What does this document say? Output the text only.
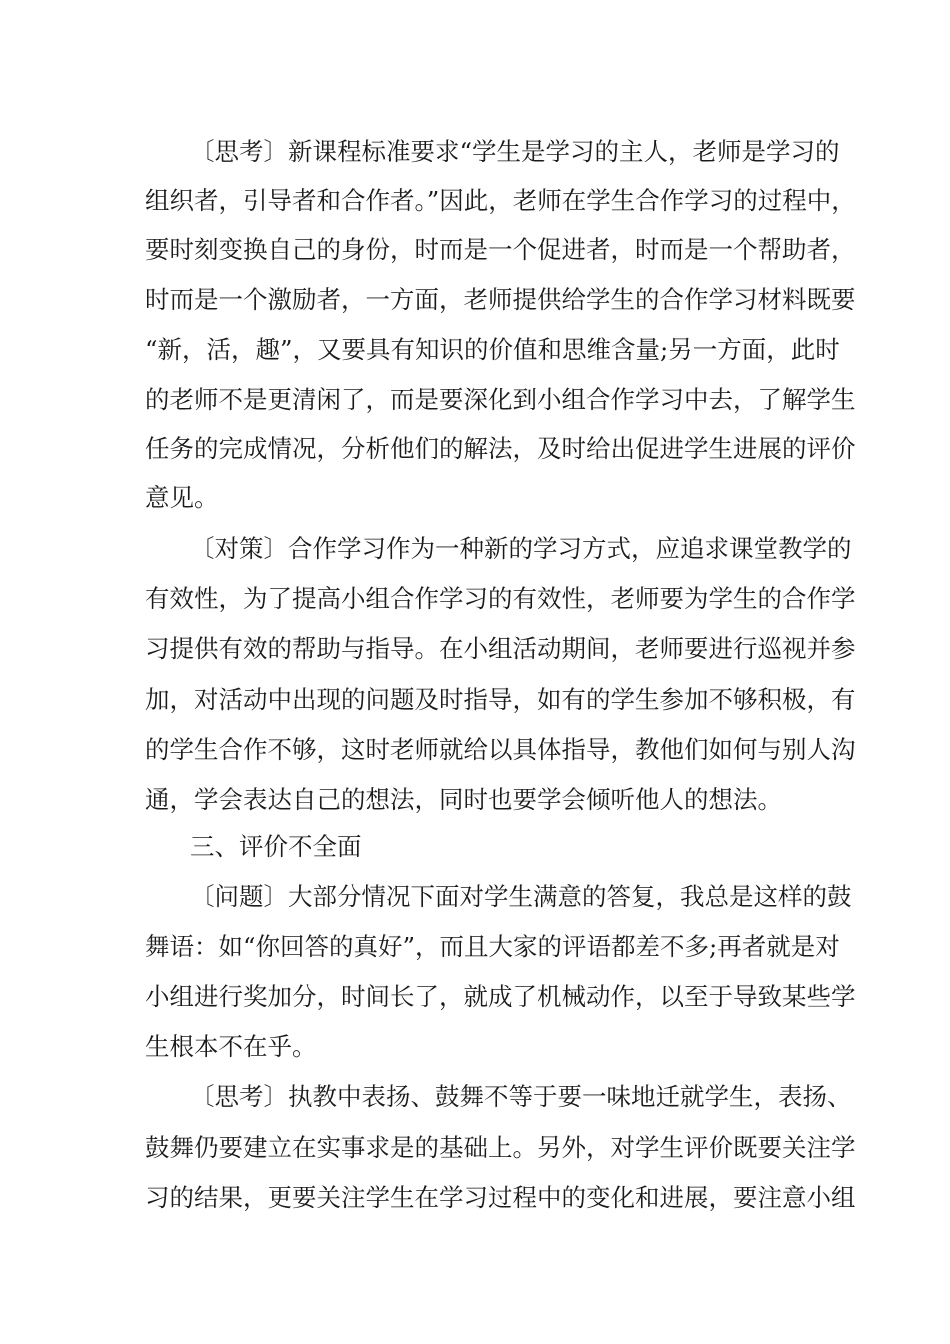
〔思考〕新课程标准要求“学生是学习的主人，老师是学习的
组织者，引导者和合作者。”因此，老师在学生合作学习的过程中，
要时刻变换自己的身份，时而是一个促进者，时而是一个帮助者，
时而是一个激励者，一方面，老师提供给学生的合作学习材料既要
“新，活，趣”，又要具有知识的价值和思维含量;另一方面，此时
的老师不是更清闲了，而是要深化到小组合作学习中去，了解学生
任务的完成情况，分析他们的解法，及时给出促进学生进展的评价
意见。
〔对策〕合作学习作为一种新的学习方式，应追求课堂教学的
有效性，为了提高小组合作学习的有效性，老师要为学生的合作学
习提供有效的帮助与指导。在小组活动期间，老师要进行巡视并参
加，对活动中出现的问题及时指导，如有的学生参加不够积极，有
的学生合作不够，这时老师就给以具体指导，教他们如何与别人沟
通，学会表达自己的想法，同时也要学会倾听他人的想法。
三、评价不全面
〔问题〕大部分情况下面对学生满意的答复，我总是这样的鼓
舞语：如“你回答的真好”，而且大家的评语都差不多;再者就是对
小组进行奖加分，时间长了，就成了机械动作，以至于导致某些学
生根本不在乎。
〔思考〕执教中表扬、鼓舞不等于要一味地迁就学生，表扬、
鼓舞仍要建立在实事求是的基础上。另外，对学生评价既要关注学
习的结果，更要关注学生在学习过程中的变化和进展，要注意小组
